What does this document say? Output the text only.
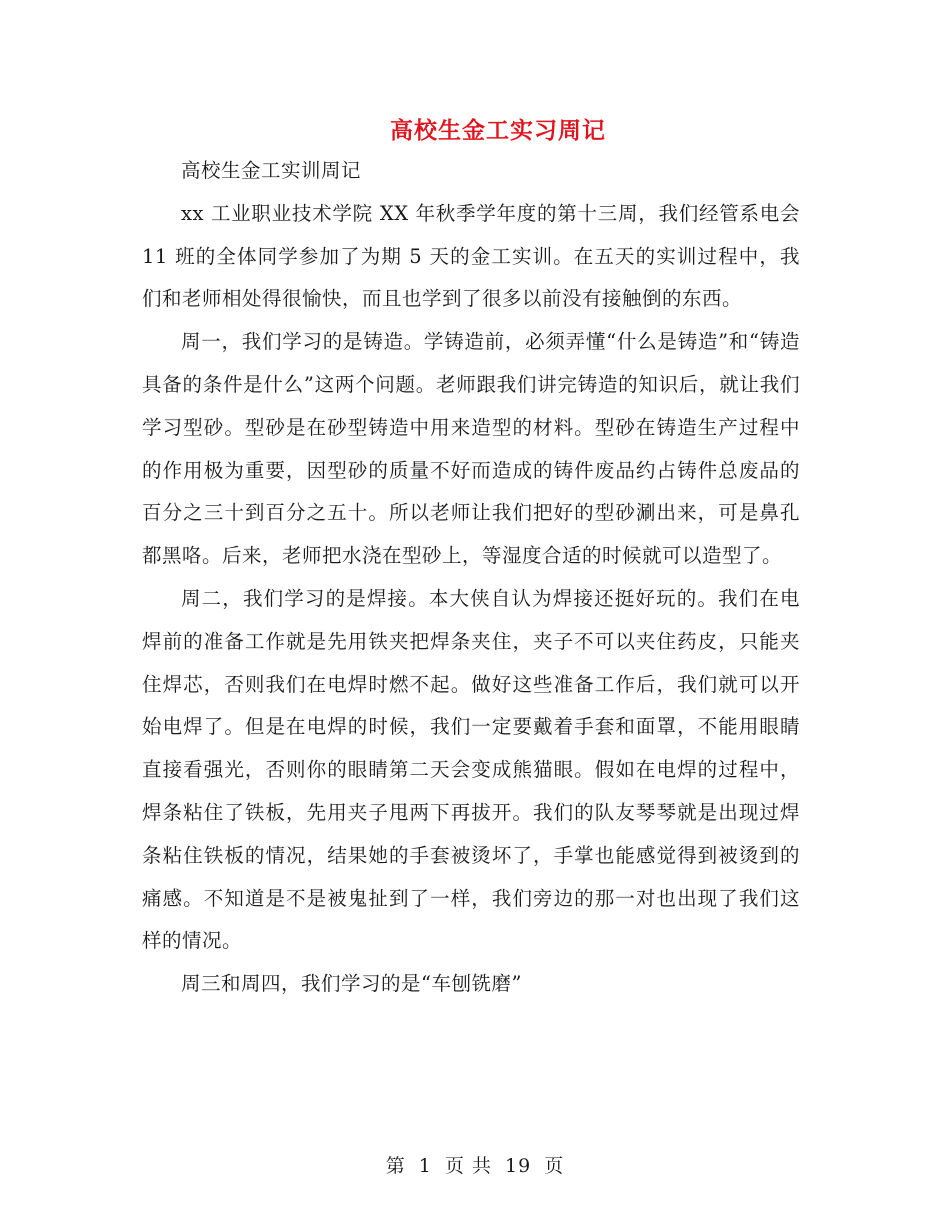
高校生金工实习周记

高校生金工实训周记

xx 工业职业技术学院 XX 年秋季学年度的第十三周，我们经管系电会 11 班的全体同学参加了为期 5 天的金工实训。在五天的实训过程中，我们和老师相处得很愉快，而且也学到了很多以前没有接触倒的东西。

周一，我们学习的是铸造。学铸造前，必须弄懂“什么是铸造”和“铸造具备的条件是什么”这两个问题。老师跟我们讲完铸造的知识后，就让我们学习型砂。型砂是在砂型铸造中用来造型的材料。型砂在铸造生产过程中的作用极为重要，因型砂的质量不好而造成的铸件废品约占铸件总废品的百分之三十到百分之五十。所以老师让我们把好的型砂涮出来，可是鼻孔都黑咯。后来，老师把水浇在型砂上，等湿度合适的时候就可以造型了。

周二，我们学习的是焊接。本大侠自认为焊接还挺好玩的。我们在电焊前的准备工作就是先用铁夹把焊条夹住，夹子不可以夹住药皮，只能夹住焊芯，否则我们在电焊时燃不起。做好这些准备工作后，我们就可以开始电焊了。但是在电焊的时候，我们一定要戴着手套和面罩，不能用眼睛直接看强光，否则你的眼睛第二天会变成熊猫眼。假如在电焊的过程中，焊条粘住了铁板，先用夹子甩两下再拔开。我们的队友琴琴就是出现过焊条粘住铁板的情况，结果她的手套被烫坏了，手掌也能感觉得到被烫到的痛感。不知道是不是被鬼扯到了一样，我们旁边的那一对也出现了我们这样的情况。

周三和周四，我们学习的是“车刨铣磨”

第 1 页 共 19 页
